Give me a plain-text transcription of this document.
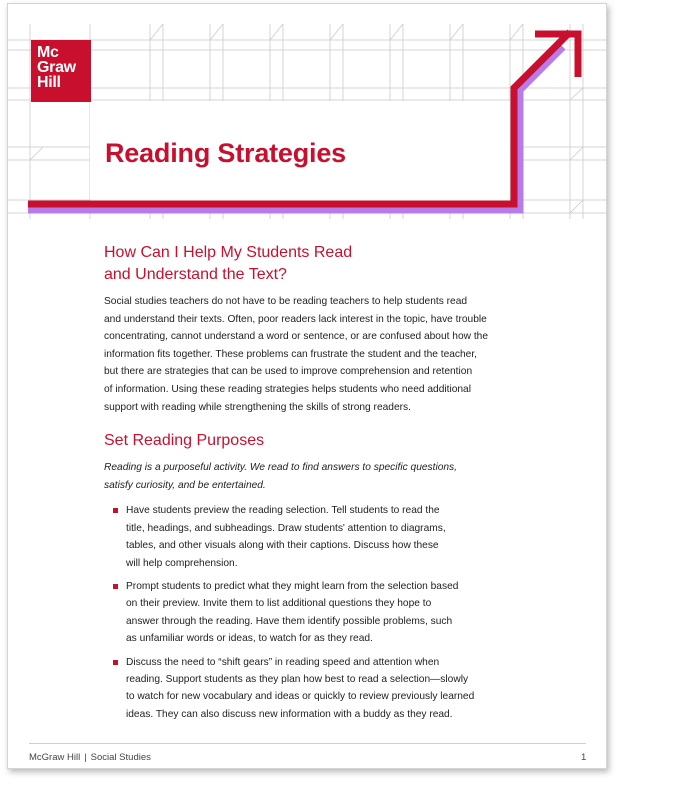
Mc
Graw
Hill
Reading Strategies
How Can I Help My Students Read
and Understand the Text?

Social studies teachers do not have to be reading teachers to help students read
and understand their texts. Often, poor readers lack interest in the topic, have trouble
concentrating, cannot understand a word or sentence, or are confused about how the
information fits together. These problems can frustrate the student and the teacher,
but there are strategies that can be used to improve comprehension and retention
of information. Using these reading strategies helps students who need additional
support with reading while strengthening the skills of strong readers.

Set Reading Purposes

Reading is a purposeful activity. We read to find answers to specific questions,
satisfy curiosity, and be entertained.

Have students preview the reading selection. Tell students to read the
title, headings, and subheadings. Draw students' attention to diagrams,
tables, and other visuals along with their captions. Discuss how these
will help comprehension.
Prompt students to predict what they might learn from the selection based
on their preview. Invite them to list additional questions they hope to
answer through the reading. Have them identify possible problems, such
as unfamiliar words or ideas, to watch for as they read.
Discuss the need to “shift gears” in reading speed and attention when
reading. Support students as they plan how best to read a selection—slowly
to watch for new vocabulary and ideas or quickly to review previously learned
ideas. They can also discuss new information with a buddy as they read.
McGraw Hill | Social Studies	1
